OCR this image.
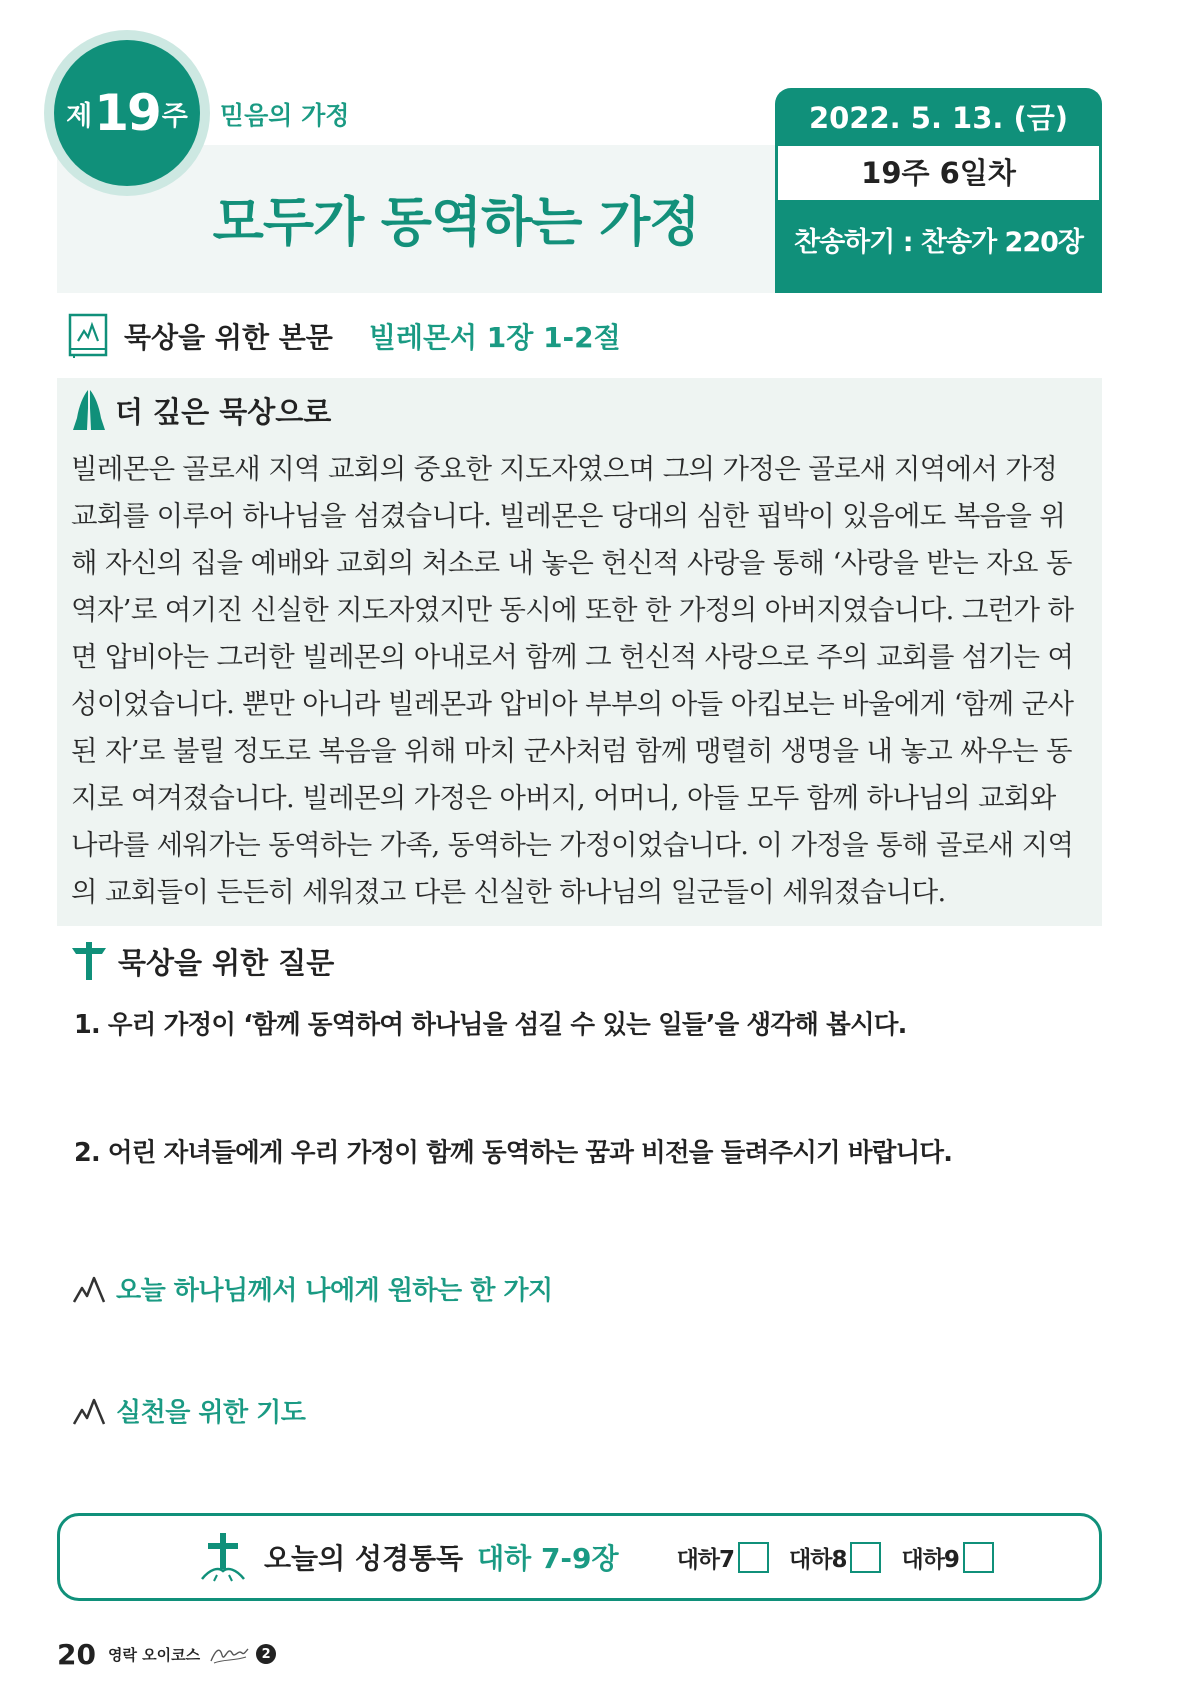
제 19 주 믿음의 가정
모두가 동역하는 가정
2022. 5. 13. (금)
19주 6일차
찬송하기 : 찬송가 220장
묵상을 위한 본문 빌레몬서 1장 1-2절
더 깊은 묵상으로
빌레몬은 골로새 지역 교회의 중요한 지도자였으며 그의 가정은 골로새 지역에서 가정
교회를 이루어 하나님을 섬겼습니다. 빌레몬은 당대의 심한 핍박이 있음에도 복음을 위
해 자신의 집을 예배와 교회의 처소로 내 놓은 헌신적 사랑을 통해 ‘사랑을 받는 자요 동
역자’로 여기진 신실한 지도자였지만 동시에 또한 한 가정의 아버지였습니다. 그런가 하
면 압비아는 그러한 빌레몬의 아내로서 함께 그 헌신적 사랑으로 주의 교회를 섬기는 여
성이었습니다. 뿐만 아니라 빌레몬과 압비아 부부의 아들 아킵보는 바울에게 ‘함께 군사
된 자’로 불릴 정도로 복음을 위해 마치 군사처럼 함께 맹렬히 생명을 내 놓고 싸우는 동
지로 여겨졌습니다. 빌레몬의 가정은 아버지, 어머니, 아들 모두 함께 하나님의 교회와
나라를 세워가는 동역하는 가족, 동역하는 가정이었습니다. 이 가정을 통해 골로새 지역
의 교회들이 든든히 세워졌고 다른 신실한 하나님의 일군들이 세워졌습니다.
묵상을 위한 질문
1. 우리 가정이 ‘함께 동역하여 하나님을 섬길 수 있는 일들’을 생각해 봅시다.
2. 어린 자녀들에게 우리 가정이 함께 동역하는 꿈과 비전을 들려주시기 바랍니다.
오늘 하나님께서 나에게 원하는 한 가지
실천을 위한 기도
오늘의 성경통독 대하 7-9장	대하7 대하8 대하9
20 영락 오이코스	2
